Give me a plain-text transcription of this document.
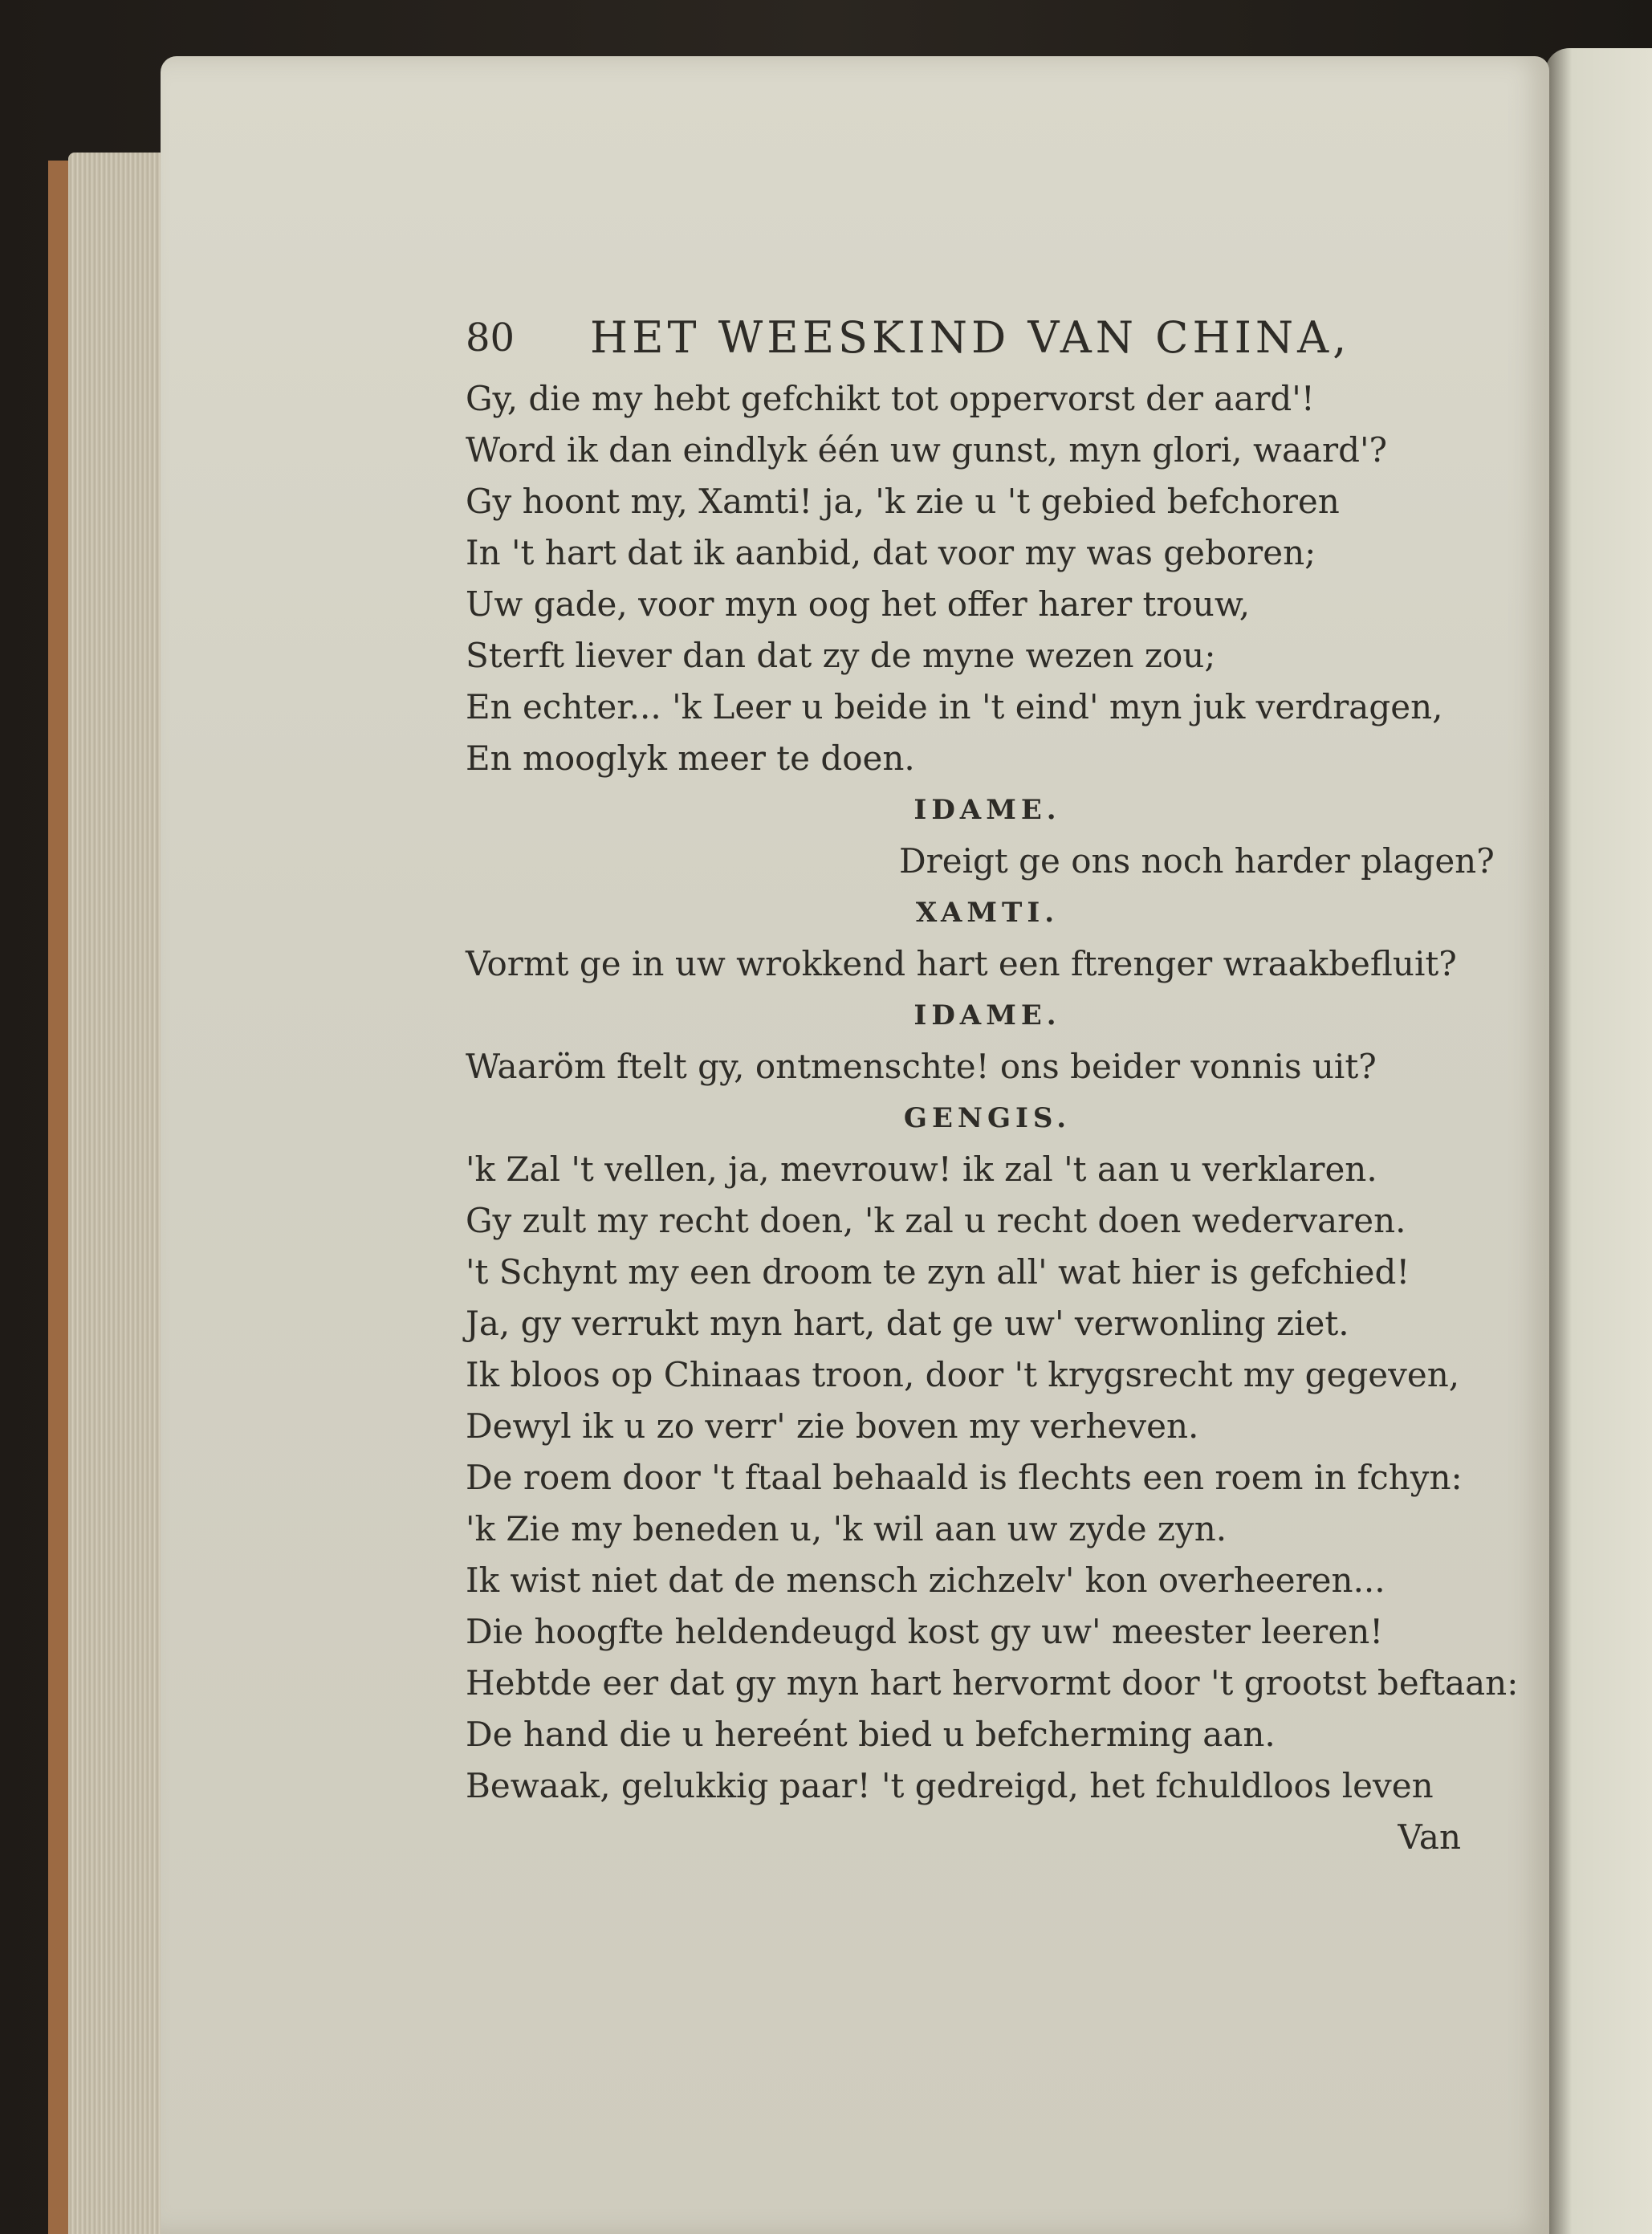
80 HET WEESKIND VAN CHINA,
Gy, die my hebt gefchikt tot oppervorst der aard'!
Word ik dan eindlyk één uw gunst, myn glori, waard'?
Gy hoont my, Xamti! ja, 'k zie u 't gebied befchoren
In 't hart dat ik aanbid, dat voor my was geboren;
Uw gade, voor myn oog het offer harer trouw,
Sterft liever dan dat zy de myne wezen zou;
En echter... 'k Leer u beide in 't eind' myn juk verdragen,
En mooglyk meer te doen.
IDAME.
Dreigt ge ons noch harder plagen?
XAMTI.
Vormt ge in uw wrokkend hart een ftrenger wraakbefluit?
IDAME.
Waaröm ftelt gy, ontmenschte! ons beider vonnis uit?
GENGIS.
'k Zal 't vellen, ja, mevrouw! ik zal 't aan u verklaren.
Gy zult my recht doen, 'k zal u recht doen wedervaren.
't Schynt my een droom te zyn all' wat hier is gefchied!
Ja, gy verrukt myn hart, dat ge uw' verwonling ziet.
Ik bloos op Chinaas troon, door 't krygsrecht my gegeven,
Dewyl ik u zo verr' zie boven my verheven.
De roem door 't ftaal behaald is flechts een roem in fchyn:
'k Zie my beneden u, 'k wil aan uw zyde zyn.
Ik wist niet dat de mensch zichzelv' kon overheeren...
Die hoogfte heldendeugd kost gy uw' meester leeren!
Hebtde eer dat gy myn hart hervormt door 't grootst beftaan:
De hand die u hereént bied u befcherming aan.
Bewaak, gelukkig paar! 't gedreigd, het fchuldloos leven
Van
